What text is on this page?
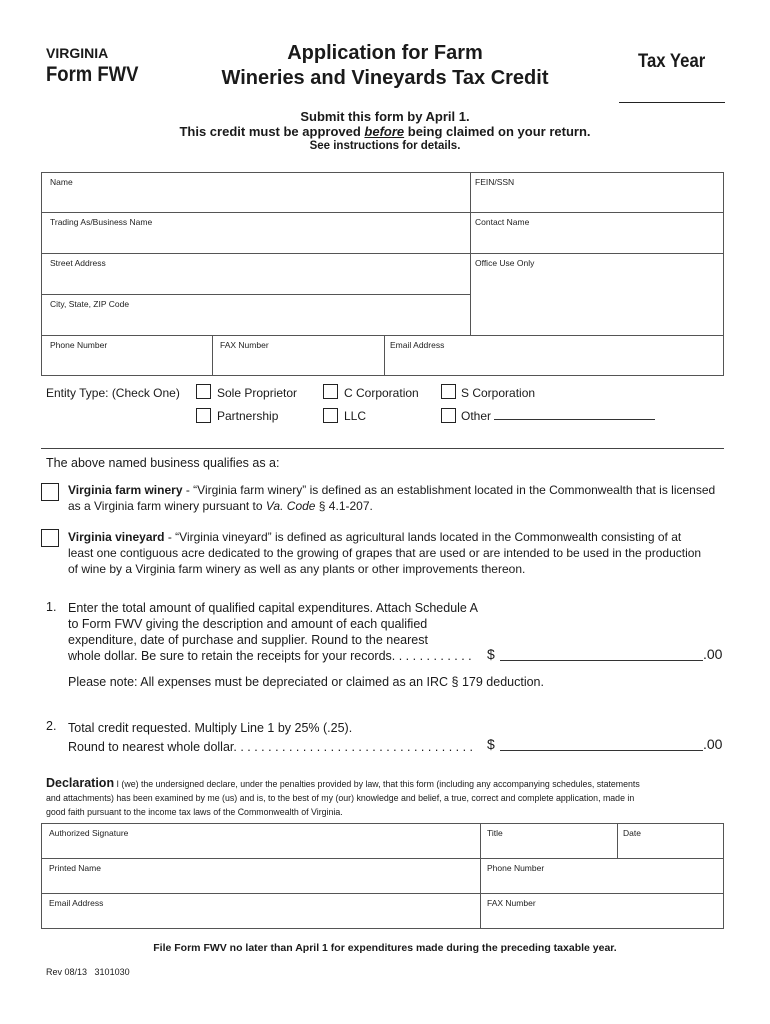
VIRGINIA
Form FWV
Application for Farm
Wineries and Vineyards Tax Credit
Tax Year
Submit this form by April 1.
This credit must be approved before being claimed on your return.
See instructions for details.
Name	FEIN/SSN
Trading As/Business Name	Contact Name
Street Address	Office Use Only
City, State, ZIP Code
Phone Number	FAX Number	Email Address
Entity Type: (Check One)	Sole Proprietor	C Corporation	S Corporation
Partnership	LLC	Other
The above named business qualifies as a:
Virginia farm winery - “Virginia farm winery” is defined as an establishment located in the Commonwealth that is licensed
as a Virginia farm winery pursuant to Va. Code § 4.1-207.
Virginia vineyard - “Virginia vineyard” is defined as agricultural lands located in the Commonwealth consisting of at
least one contiguous acre dedicated to the growing of grapes that are used or are intended to be used in the production
of wine by a Virginia farm winery as well as any plants or other improvements thereon.
1. Enter the total amount of qualified capital expenditures. Attach Schedule A
to Form FWV giving the description and amount of each qualified
expenditure, date of purchase and supplier. Round to the nearest
whole dollar. Be sure to retain the receipts for your records. . . . . . . . . . . .	$	.00
Please note: All expenses must be depreciated or claimed as an IRC § 179 deduction.
2. Total credit requested. Multiply Line 1 by 25% (.25).
Round to nearest whole dollar. . . . . . . . . . . . . . . . . . . . . . . . . . . . . . . . . . . $	.00
Declaration I (we) the undersigned declare, under the penalties provided by law, that this form (including any accompanying schedules, statements
and attachments) has been examined by me (us) and is, to the best of my (our) knowledge and belief, a true, correct and complete application, made in
good faith pursuant to the income tax laws of the Commonwealth of Virginia.
Authorized Signature	Title	Date
Printed Name	Phone Number
Email Address	FAX Number
File Form FWV no later than April 1 for expenditures made during the preceding taxable year.
Rev 08/13 3101030
